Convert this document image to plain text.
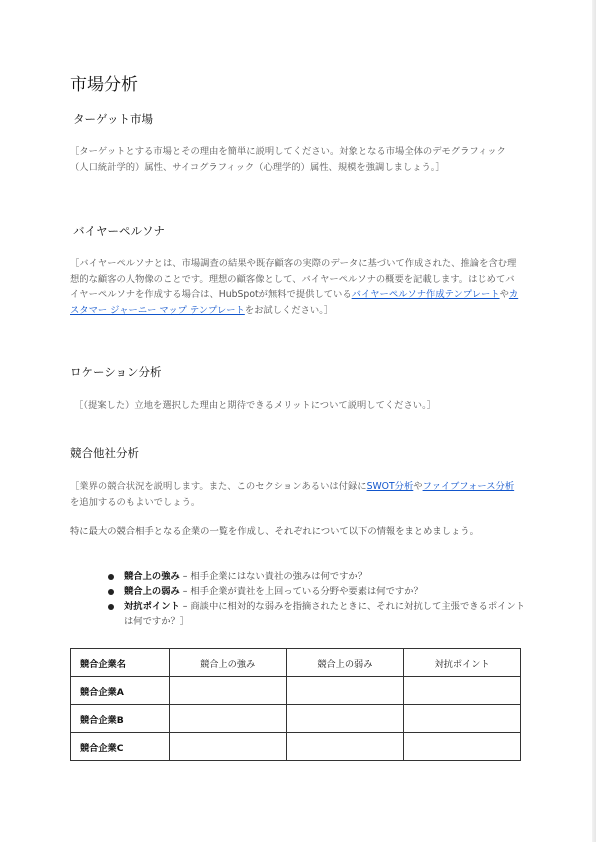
市場分析
ターゲット市場

［ターゲットとする市場とその理由を簡単に説明してください。対象となる市場全体のデモグラフィック（人口統計学的）属性、サイコグラフィック（心理学的）属性、規模を強調しましょう。］

バイヤーペルソナ

［バイヤーペルソナとは、市場調査の結果や既存顧客の実際のデータに基づいて作成された、推論を含む理想的な顧客の人物像のことです。理想の顧客像として、バイヤーペルソナの概要を記載します。はじめてバイヤーペルソナを作成する場合は、HubSpotが無料で提供しているバイヤーペルソナ作成テンプレートやカスタマー ジャーニー マップ テンプレートをお試しください。］

ロケーション分析

［（提案した）立地を選択した理由と期待できるメリットについて説明してください。］

競合他社分析

［業界の競合状況を説明します。また、このセクションあるいは付録にSWOT分析やファイブフォース分析を追加するのもよいでしょう。

特に最大の競合相手となる企業の一覧を作成し、それぞれについて以下の情報をまとめましょう。

競合上の強み – 相手企業にはない貴社の強みは何ですか？
競合上の弱み – 相手企業が貴社を上回っている分野や要素は何ですか？
対抗ポイント – 商談中に相対的な弱みを指摘されたときに、それに対抗して主張できるポイントは何ですか？］
競合企業名	競合上の強み	競合上の弱み	対抗ポイント
競合企業A			
競合企業B			
競合企業C			
